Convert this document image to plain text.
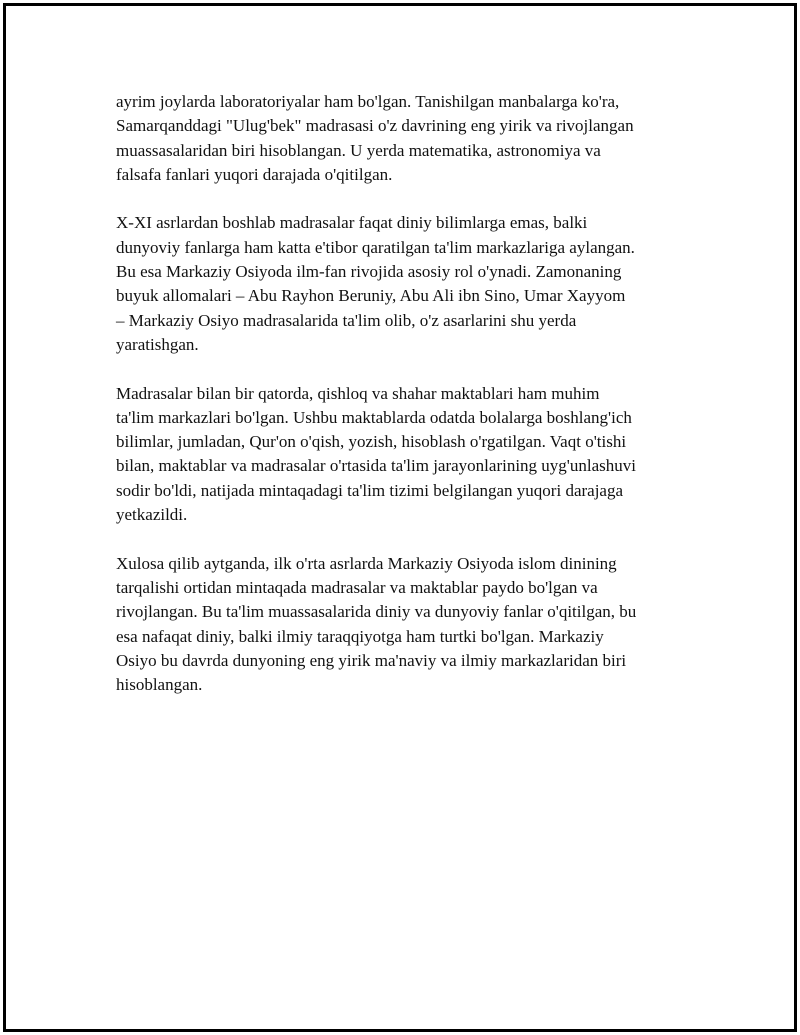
ayrim joylarda laboratoriyalar ham bo'lgan. Tanishilgan manbalarga ko'ra,
Samarqanddagi "Ulug'bek" madrasasi o'z davrining eng yirik va rivojlangan
muassasalaridan biri hisoblangan. U yerda matematika, astronomiya va
falsafa fanlari yuqori darajada o'qitilgan.

X-XI asrlardan boshlab madrasalar faqat diniy bilimlarga emas, balki
dunyoviy fanlarga ham katta e'tibor qaratilgan ta'lim markazlariga aylangan.
Bu esa Markaziy Osiyoda ilm-fan rivojida asosiy rol o'ynadi. Zamonaning
buyuk allomalari – Abu Rayhon Beruniy, Abu Ali ibn Sino, Umar Xayyom
– Markaziy Osiyo madrasalarida ta'lim olib, o'z asarlarini shu yerda
yaratishgan.

Madrasalar bilan bir qatorda, qishloq va shahar maktablari ham muhim
ta'lim markazlari bo'lgan. Ushbu maktablarda odatda bolalarga boshlang'ich
bilimlar, jumladan, Qur'on o'qish, yozish, hisoblash o'rgatilgan. Vaqt o'tishi
bilan, maktablar va madrasalar o'rtasida ta'lim jarayonlarining uyg'unlashuvi
sodir bo'ldi, natijada mintaqadagi ta'lim tizimi belgilangan yuqori darajaga
yetkazildi.

Xulosa qilib aytganda, ilk o'rta asrlarda Markaziy Osiyoda islom dinining
tarqalishi ortidan mintaqada madrasalar va maktablar paydo bo'lgan va
rivojlangan. Bu ta'lim muassasalarida diniy va dunyoviy fanlar o'qitilgan, bu
esa nafaqat diniy, balki ilmiy taraqqiyotga ham turtki bo'lgan. Markaziy
Osiyo bu davrda dunyoning eng yirik ma'naviy va ilmiy markazlaridan biri
hisoblangan.
